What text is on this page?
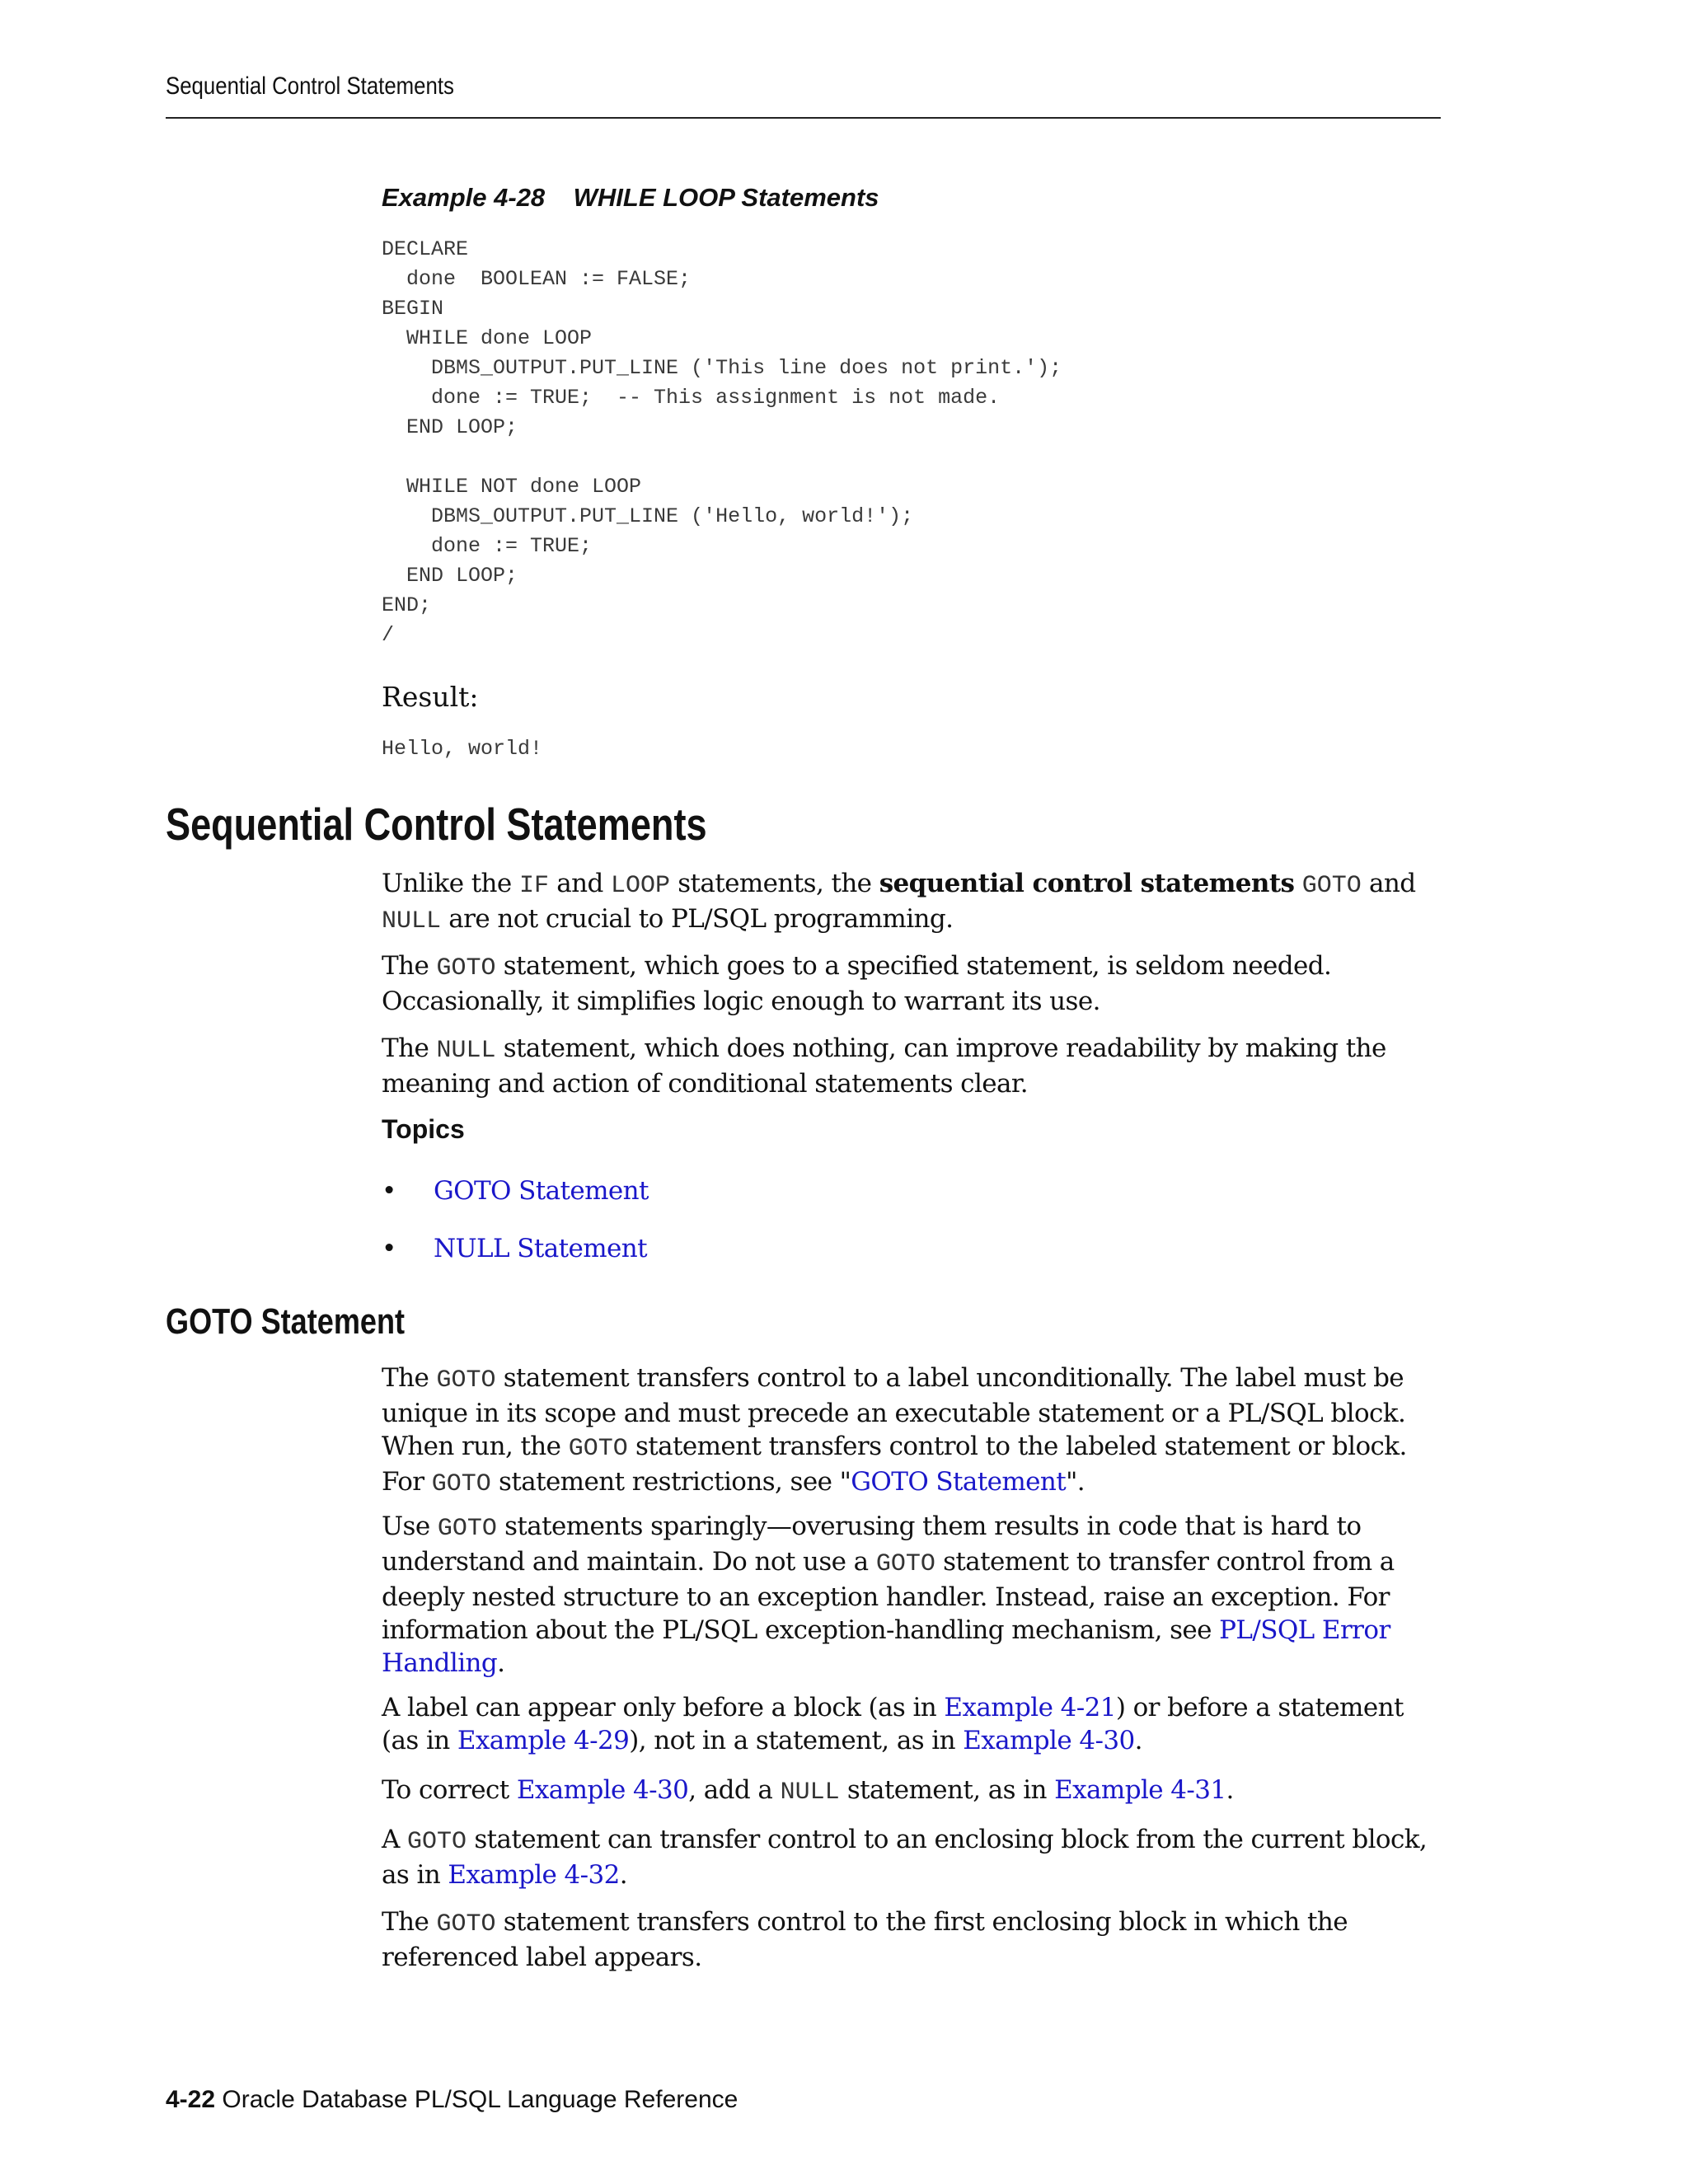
Sequential Control Statements
Example 4-28    WHILE LOOP Statements
DECLARE
done  BOOLEAN := FALSE;
BEGIN
WHILE done LOOP
DBMS_OUTPUT.PUT_LINE ('This line does not print.');
done := TRUE;  -- This assignment is not made.
END LOOP;

WHILE NOT done LOOP
DBMS_OUTPUT.PUT_LINE ('Hello, world!');
done := TRUE;
END LOOP;
END;
/
Result:
Hello, world!
Sequential Control Statements

Unlike the IF and LOOP statements, the sequential control statements GOTO and NULL are not crucial to PL/SQL programming.

The GOTO statement, which goes to a specified statement, is seldom needed. Occasionally, it simplifies logic enough to warrant its use.

The NULL statement, which does nothing, can improve readability by making the meaning and action of conditional statements clear.

Topics
• GOTO Statement
• NULL Statement
GOTO Statement

The GOTO statement transfers control to a label unconditionally. The label must be unique in its scope and must precede an executable statement or a PL/SQL block. When run, the GOTO statement transfers control to the labeled statement or block. For GOTO statement restrictions, see "GOTO Statement".

Use GOTO statements sparingly—overusing them results in code that is hard to understand and maintain. Do not use a GOTO statement to transfer control from a deeply nested structure to an exception handler. Instead, raise an exception. For information about the PL/SQL exception-handling mechanism, see PL/SQL Error Handling.

A label can appear only before a block (as in Example 4-21) or before a statement (as in Example 4-29), not in a statement, as in Example 4-30.

To correct Example 4-30, add a NULL statement, as in Example 4-31.

A GOTO statement can transfer control to an enclosing block from the current block, as in Example 4-32.

The GOTO statement transfers control to the first enclosing block in which the referenced label appears.

4-22 Oracle Database PL/SQL Language Reference
